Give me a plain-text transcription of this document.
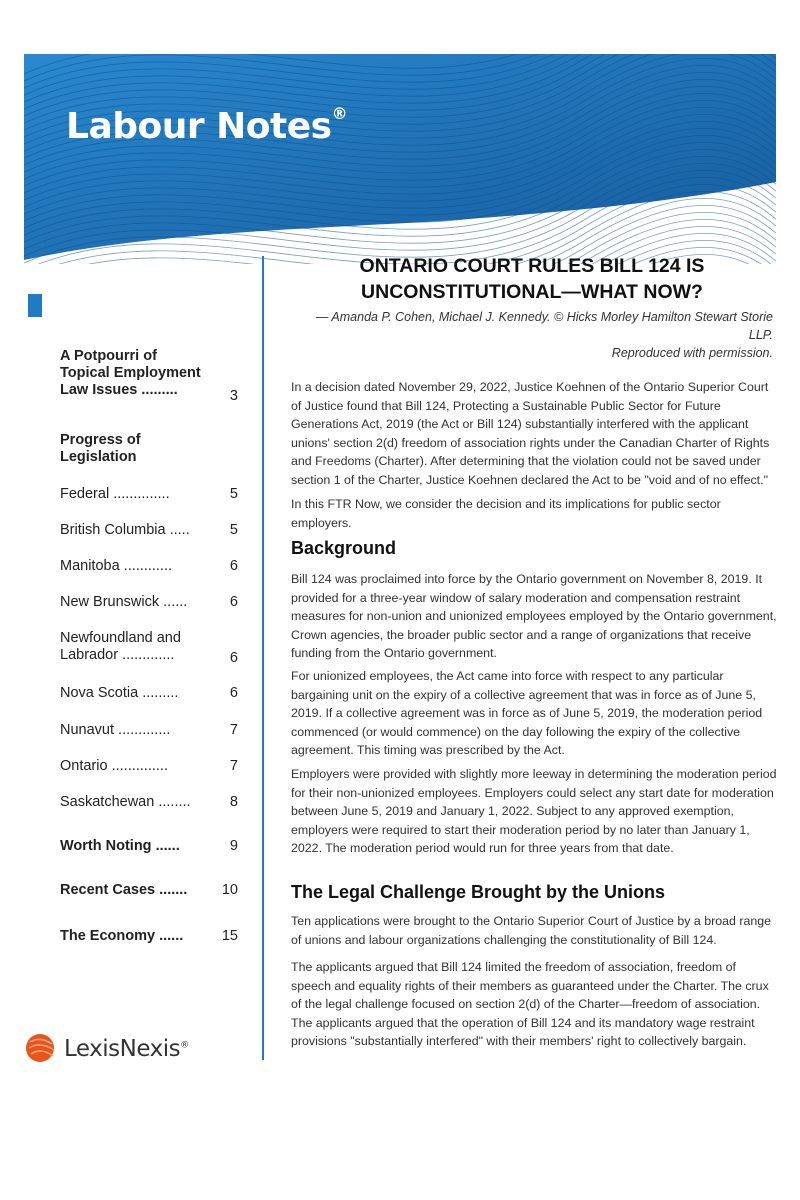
Labour Notes®
A Potpourri of Topical Employment Law Issues .........	3
Progress of Legislation
Federal ..............	5
British Columbia .....	5
Manitoba ............	6
New Brunswick ......	6
Newfoundland and Labrador .............	6
Nova Scotia .........	6
Nunavut .............	7
Ontario ..............	7
Saskatchewan ........	8
Worth Noting ......	9
Recent Cases .......	10
The Economy ......	15
ONTARIO COURT RULES BILL 124 IS
UNCONSTITUTIONAL—WHAT NOW?
— Amanda P. Cohen, Michael J. Kennedy. © Hicks Morley Hamilton Stewart Storie LLP.
Reproduced with permission.
In a decision dated November 29, 2022, Justice Koehnen of the Ontario Superior Court of Justice found that Bill 124, Protecting a Sustainable Public Sector for Future Generations Act, 2019 (the Act or Bill 124) substantially interfered with the applicant unions' section 2(d) freedom of association rights under the Canadian Charter of Rights and Freedoms (Charter). After determining that the violation could not be saved under section 1 of the Charter, Justice Koehnen declared the Act to be "void and of no effect."
In this FTR Now, we consider the decision and its implications for public sector employers.
Background
Bill 124 was proclaimed into force by the Ontario government on November 8, 2019. It provided for a three-year window of salary moderation and compensation restraint measures for non-union and unionized employees employed by the Ontario government, Crown agencies, the broader public sector and a range of organizations that receive funding from the Ontario government.
For unionized employees, the Act came into force with respect to any particular bargaining unit on the expiry of a collective agreement that was in force as of June 5, 2019. If a collective agreement was in force as of June 5, 2019, the moderation period commenced (or would commence) on the day following the expiry of the collective agreement. This timing was prescribed by the Act.
Employers were provided with slightly more leeway in determining the moderation period for their non-unionized employees. Employers could select any start date for moderation between June 5, 2019 and January 1, 2022. Subject to any approved exemption, employers were required to start their moderation period by no later than January 1, 2022. The moderation period would run for three years from that date.
The Legal Challenge Brought by the Unions
Ten applications were brought to the Ontario Superior Court of Justice by a broad range of unions and labour organizations challenging the constitutionality of Bill 124.
The applicants argued that Bill 124 limited the freedom of association, freedom of speech and equality rights of their members as guaranteed under the Charter. The crux of the legal challenge focused on section 2(d) of the Charter—freedom of association. The applicants argued that the operation of Bill 124 and its mandatory wage restraint provisions "substantially interfered" with their members' right to collectively bargain.
LexisNexis®
